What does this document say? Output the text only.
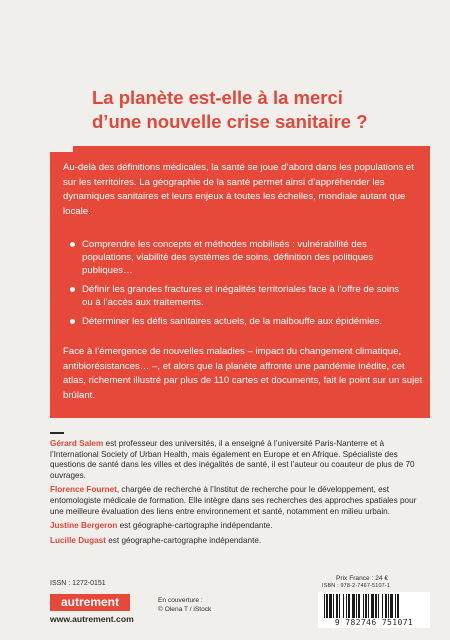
La planète est-elle à la merci
d’une nouvelle crise sanitaire ?

Au-delà des définitions médicales, la santé se joue d’abord dans les populations et sur les territoires. La géographie de la santé permet ainsi d’appréhender les dynamiques sanitaires et leurs enjeux à toutes les échelles, mondiale autant que locale.

Comprendre les concepts et méthodes mobilisés : vulnérabilité des populations, viabilité des systèmes de soins, définition des politiques publiques…
Définir les grandes fractures et inégalités territoriales face à l’offre de soins ou à l’accès aux traitements.
Déterminer les défis sanitaires actuels, de la malbouffe aux épidémies.

Face à l’émergence de nouvelles maladies – impact du changement climatique, antibiorésistances… –, et alors que la planète affronte une pandémie inédite, cet atlas, richement illustré par plus de 110 cartes et documents, fait le point sur un sujet brûlant.

Gérard Salem est professeur des universités, il a enseigné à l’université Paris-Nanterre et à l’International Society of Urban Health, mais également en Europe et en Afrique. Spécialiste des questions de santé dans les villes et des inégalités de santé, il est l’auteur ou coauteur de plus de 70 ouvrages.

Florence Fournet, chargée de recherche à l’Institut de recherche pour le développement, est entomologiste médicale de formation. Elle intègre dans ses recherches des approches spatiales pour une meilleure évaluation des liens entre environnement et santé, notamment en milieu urbain.

Justine Bergeron est géographe-cartographe indépendante.

Lucille Dugast est géographe-cartographe indépendante.

ISSN : 1272-0151
autrement
www.autrement.com
En couverture :
© Olena T / iStock
Prix France : 24 €
ISBN : 978-2-7467-5107-1
9 782746 751071
